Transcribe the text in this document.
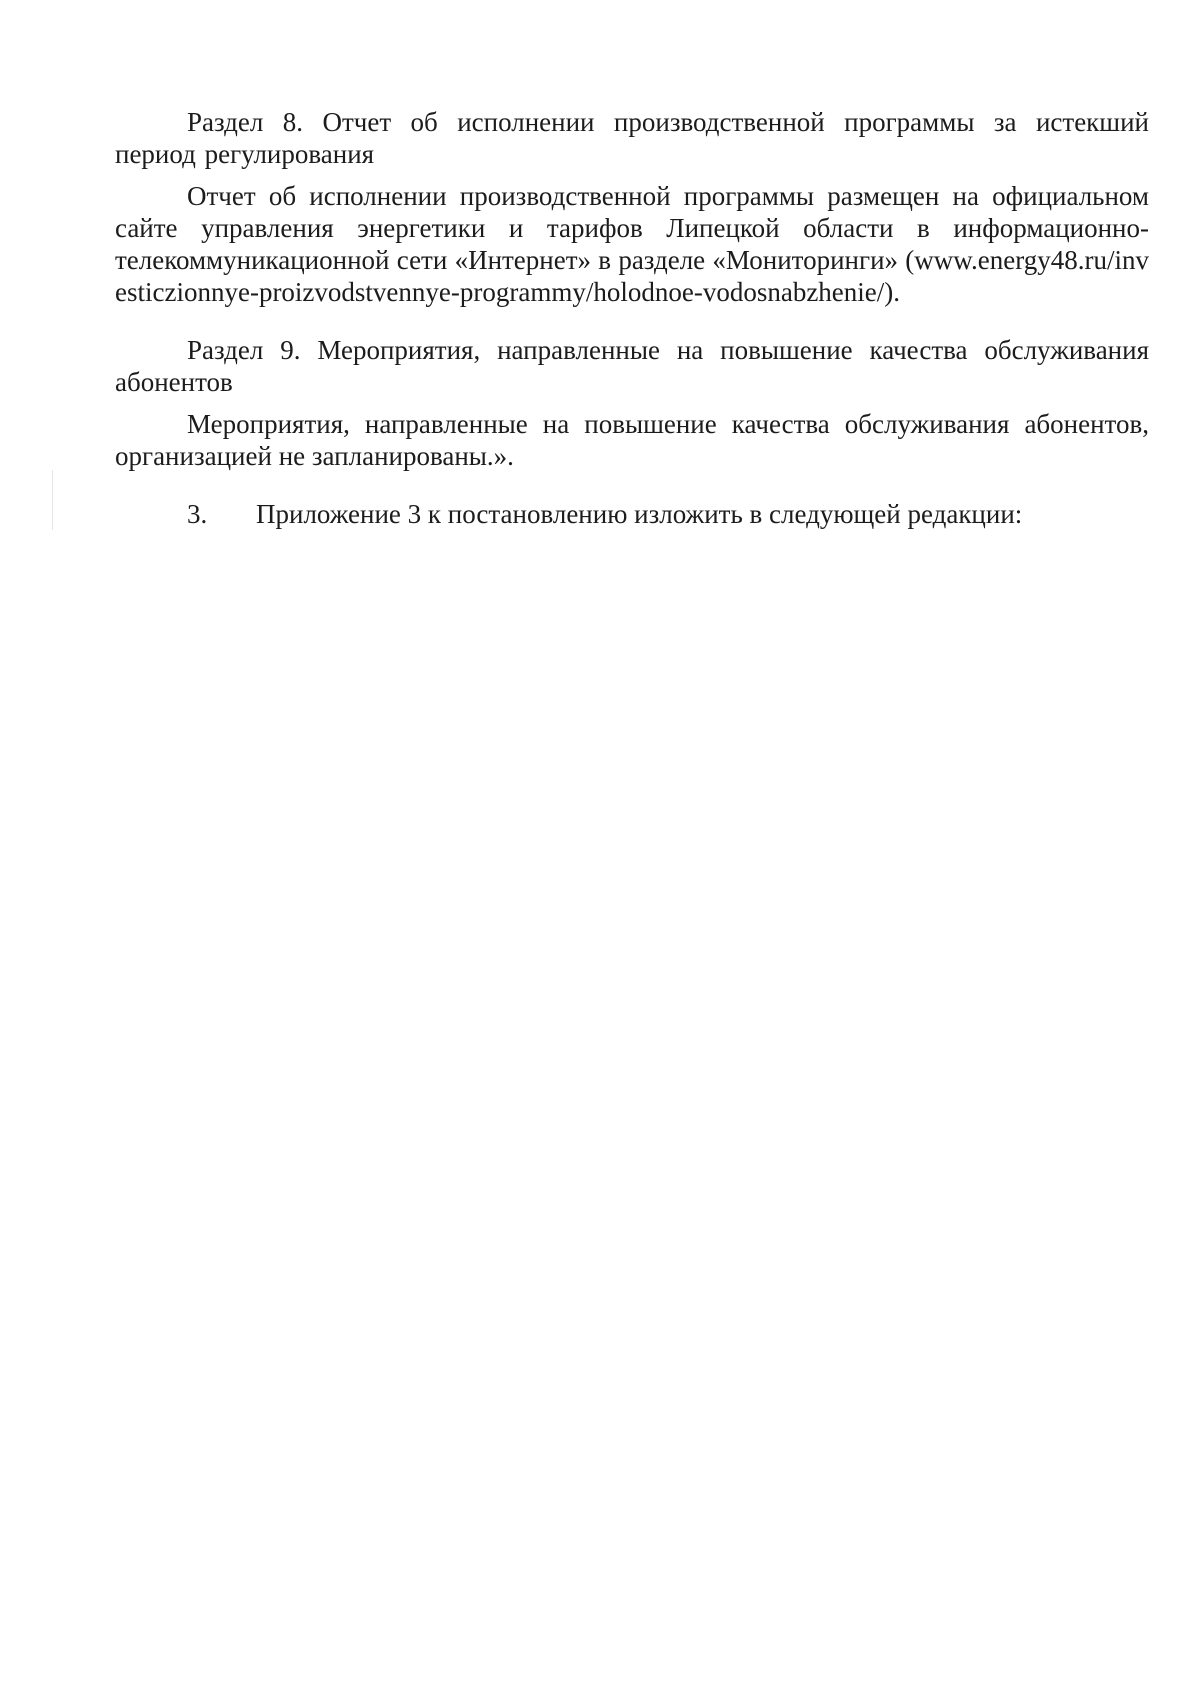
Раздел 8. Отчет об исполнении производственной программы за истекший период регулирования

Отчет об исполнении производственной программы размещен на официальном сайте управления энергетики и тарифов Липецкой области в информационно-телекоммуникационной сети «Интернет» в разделе «Мониторинги» (www.energy48.ru/investiczionnye-proizvodstvennye-programmy/holodnoe-vodosnabzhenie/).

Раздел 9. Мероприятия, направленные на повышение качества обслуживания абонентов

Мероприятия, направленные на повышение качества обслуживания абонентов, организацией не запланированы.».

3.	Приложение 3 к постановлению изложить в следующей редакции:
